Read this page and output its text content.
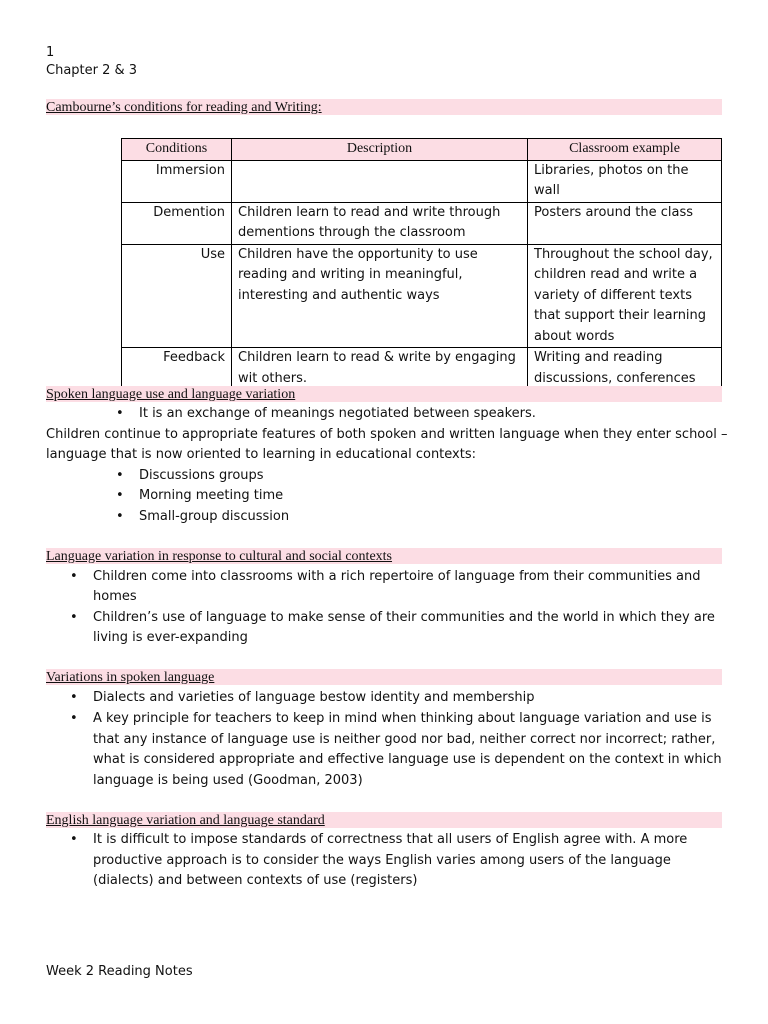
1
Chapter 2 & 3
Cambourne’s conditions for reading and Writing:
Conditions	Description	Classroom example
Immersion		Libraries, photos on the wall
Demention	Children learn to read and write through dementions through the classroom	Posters around the class
Use	Children have the opportunity to use reading and writing in meaningful, interesting and authentic ways	Throughout the school day, children read and write a variety of different texts that support their learning about words
Feedback	Children learn to read & write by engaging wit others.	Writing and reading discussions, conferences
Spoken language use and language variation
• It is an exchange of meanings negotiated between speakers.
Children continue to appropriate features of both spoken and written language when they enter school –
language that is now oriented to learning in educational contexts:
• Discussions groups
• Morning meeting time
• Small-group discussion
Language variation in response to cultural and social contexts
• Children come into classrooms with a rich repertoire of language from their communities and homes
• Children’s use of language to make sense of their communities and the world in which they are living is ever-expanding
Variations in spoken language
• Dialects and varieties of language bestow identity and membership
• A key principle for teachers to keep in mind when thinking about language variation and use is that any instance of language use is neither good nor bad, neither correct nor incorrect; rather, what is considered appropriate and effective language use is dependent on the context in which language is being used (Goodman, 2003)
English language variation and language standard
• It is difficult to impose standards of correctness that all users of English agree with. A more productive approach is to consider the ways English varies among users of the language (dialects) and between contexts of use (registers)
Week 2 Reading Notes
